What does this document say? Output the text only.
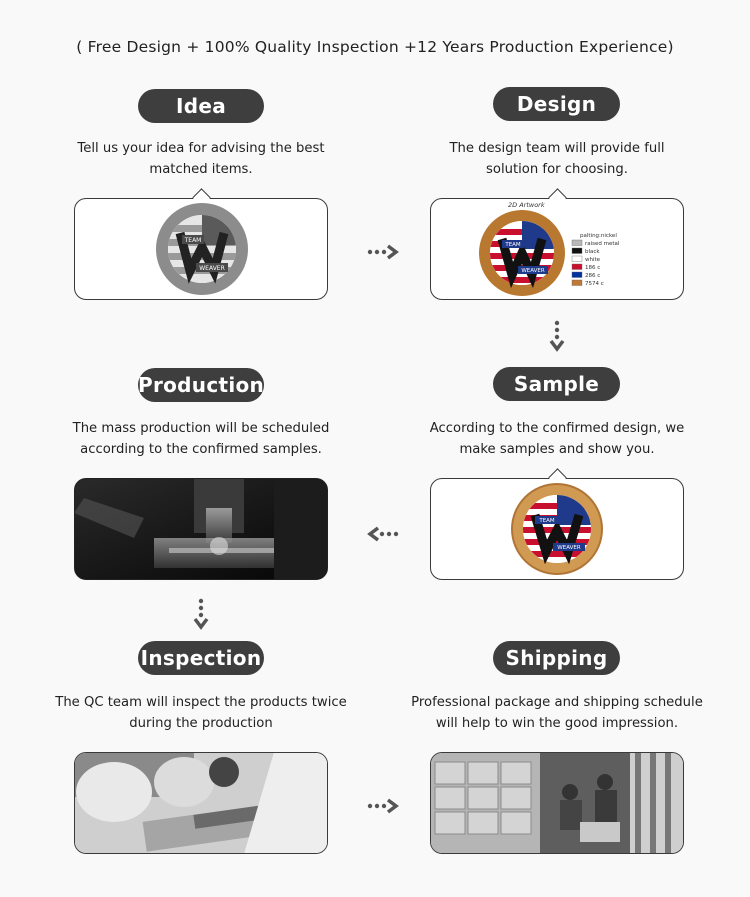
( Free Design + 100% Quality Inspection +12 Years Production Experience)
Idea
Tell us your idea for advising the best
matched items.
TEAM
WEAVER
Design
The design team will provide full
solution for choosing.
2D Artwork
TEAM
WEAVER
palting:nickel
raised metal
black
white
186 c
286 c
7574 c
Production
The mass production will be scheduled
according to the confirmed samples.
Sample
According to the confirmed design, we
make samples and show you.
TEAM
WEAVER
Inspection
The QC team will inspect the products twice
during the production
Shipping
Professional package and shipping schedule
will help to win the good impression.
